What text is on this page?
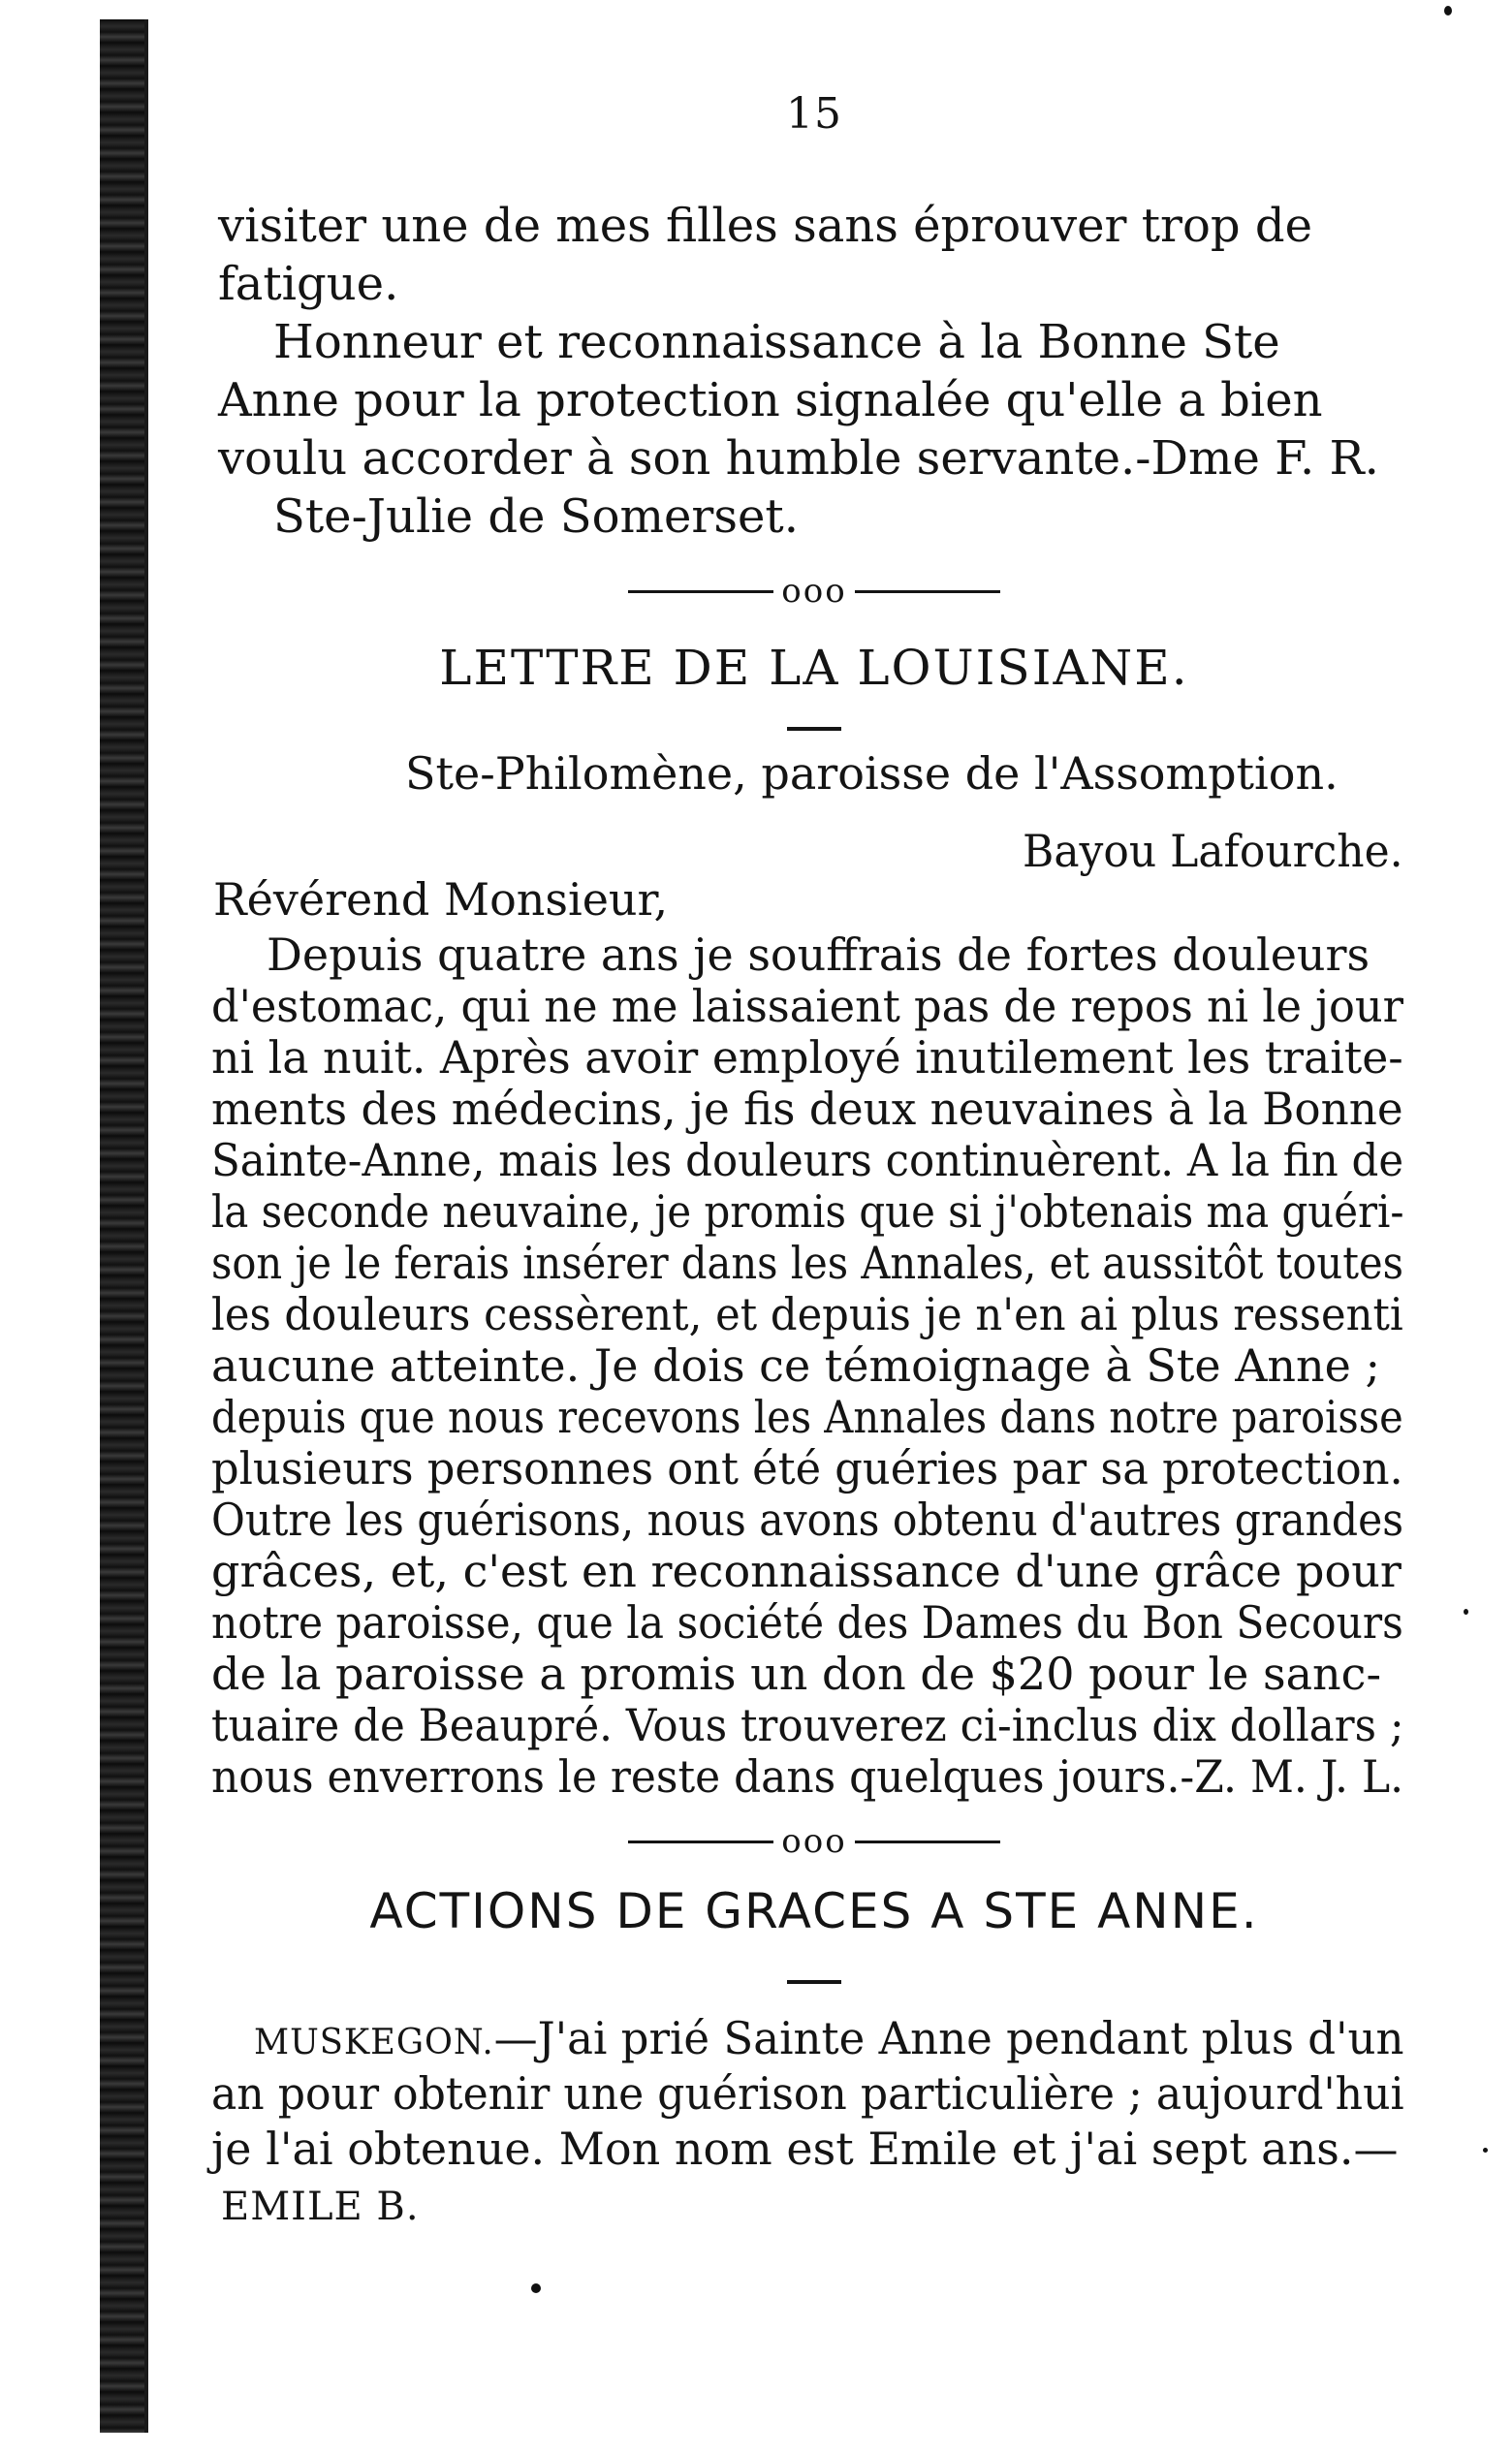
15
visiter une de mes filles sans éprouver trop de
fatigue.
Honneur et reconnaissance à la Bonne Ste
Anne pour la protection signalée qu'elle a bien
voulu accorder à son humble servante.-Dme F. R.
Ste-Julie de Somerset.
ooo
LETTRE DE LA LOUISIANE.
Ste-Philomène, paroisse de l'Assomption.
Bayou Lafourche.
Révérend Monsieur,
Depuis quatre ans je souffrais de fortes douleurs
d'estomac, qui ne me laissaient pas de repos ni le jour
ni la nuit. Après avoir employé inutilement les traite-
ments des médecins, je fis deux neuvaines à la Bonne
Sainte-Anne, mais les douleurs continuèrent. A la fin de
la seconde neuvaine, je promis que si j'obtenais ma guéri-
son je le ferais insérer dans les Annales, et aussitôt toutes
les douleurs cessèrent, et depuis je n'en ai plus ressenti
aucune atteinte. Je dois ce témoignage à Ste Anne ;
depuis que nous recevons les Annales dans notre paroisse
plusieurs personnes ont été guéries par sa protection.
Outre les guérisons, nous avons obtenu d'autres grandes
grâces, et, c'est en reconnaissance d'une grâce pour
notre paroisse, que la société des Dames du Bon Secours
de la paroisse a promis un don de $20 pour le sanc-
tuaire de Beaupré. Vous trouverez ci-inclus dix dollars ;
nous enverrons le reste dans quelques jours.-Z. M. J. L.
ooo
ACTIONS DE GRACES A STE ANNE.
MUSKEGON.—J'ai prié Sainte Anne pendant plus d'un
an pour obtenir une guérison particulière ; aujourd'hui
je l'ai obtenue. Mon nom est Emile et j'ai sept ans.—
EMILE B.
